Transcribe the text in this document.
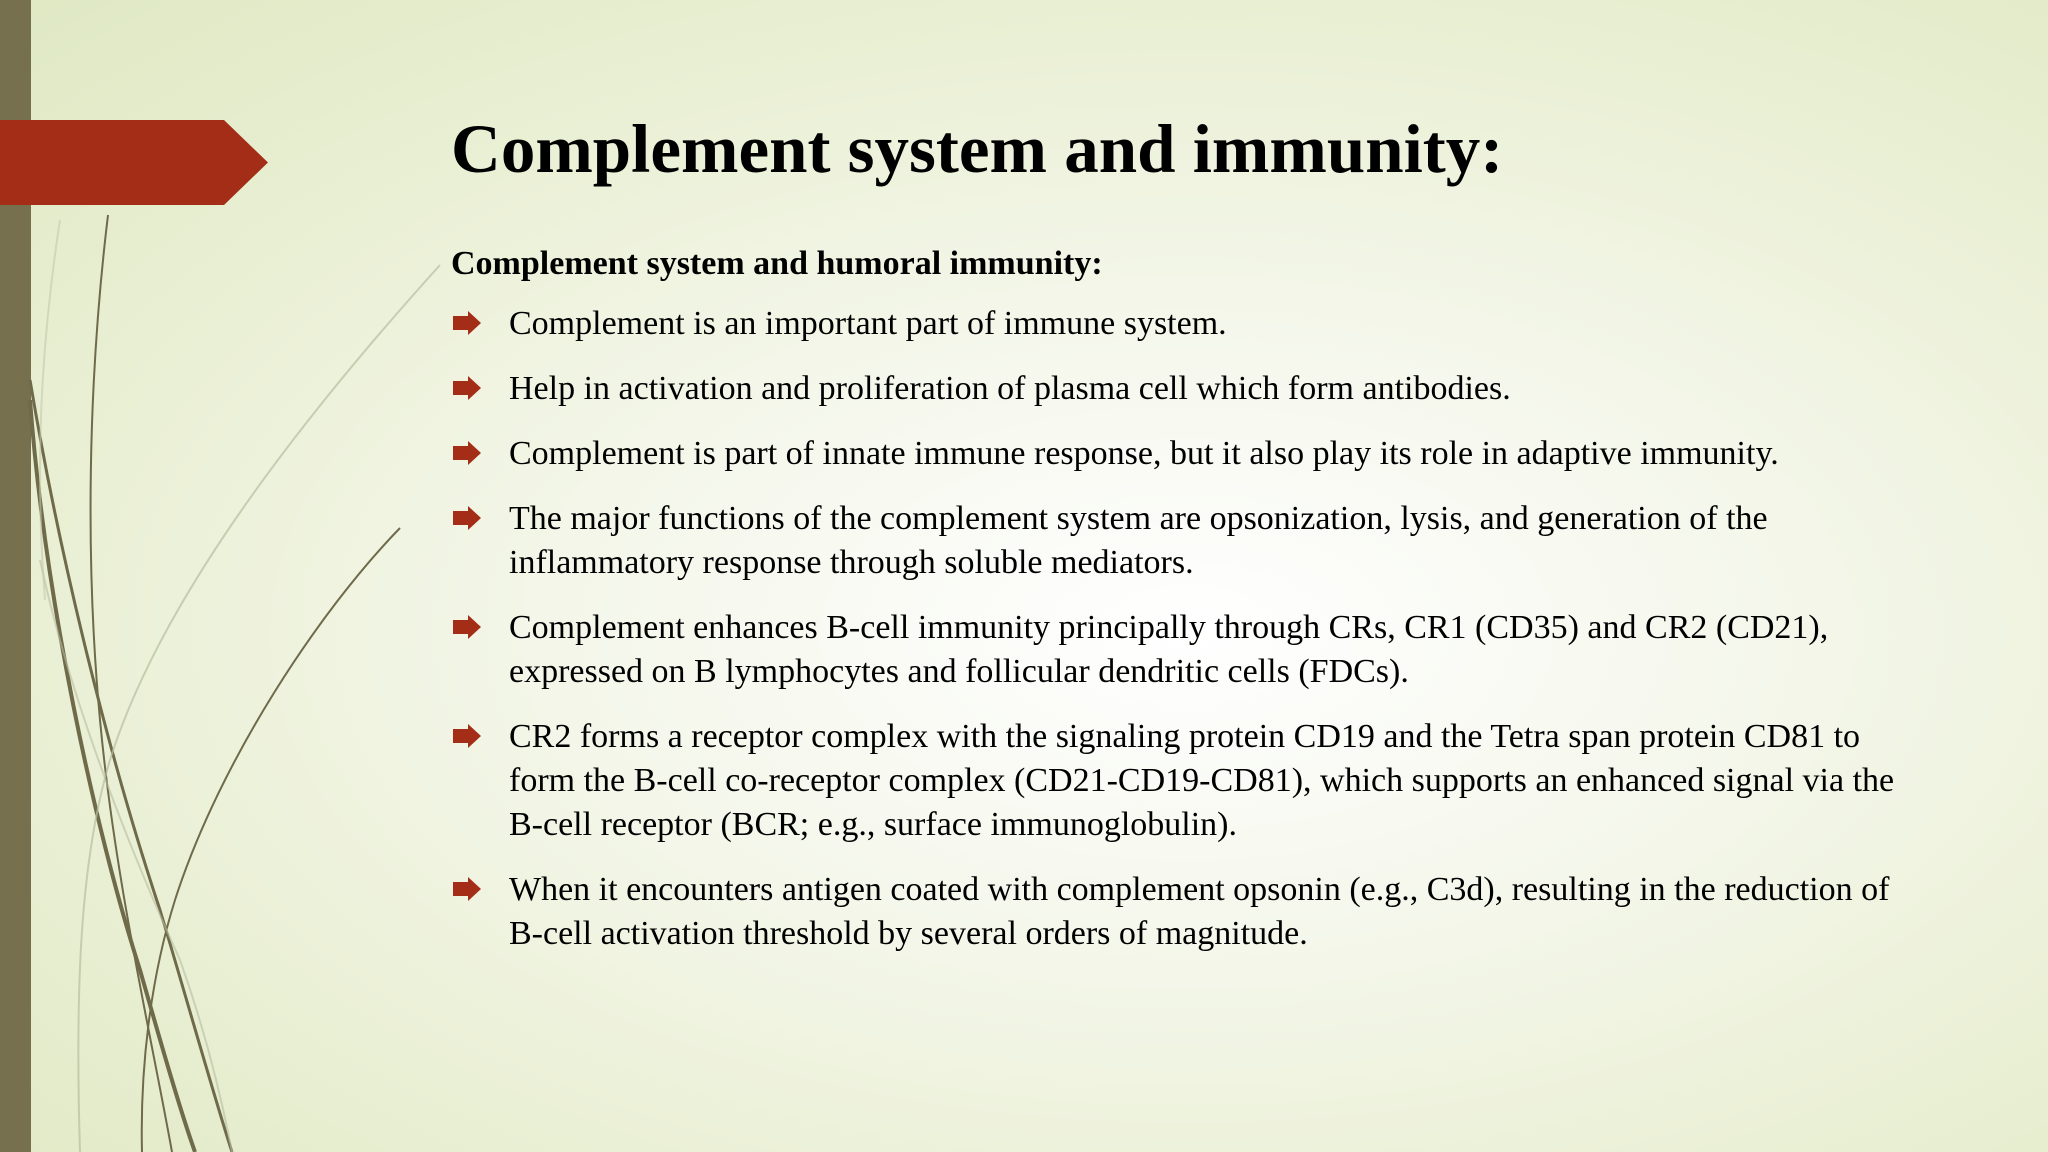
Complement system and immunity:

Complement system and humoral immunity:

Complement is an important part of immune system.
Help in activation and proliferation of plasma cell which form antibodies.
Complement is part of innate immune response, but it also play its role in adaptive immunity.
The major functions of the complement system are opsonization, lysis, and generation of the inflammatory response through soluble mediators.
Complement enhances B-cell immunity principally through CRs, CR1 (CD35) and CR2 (CD21), expressed on B lymphocytes and follicular dendritic cells (FDCs).
CR2 forms a receptor complex with the signaling protein CD19 and the Tetra span protein CD81 to form the B-cell co-receptor complex (CD21-CD19-CD81), which supports an enhanced signal via the B-cell receptor (BCR; e.g., surface immunoglobulin).
When it encounters antigen coated with complement opsonin (e.g., C3d), resulting in the reduction of B-cell activation threshold by several orders of magnitude.
